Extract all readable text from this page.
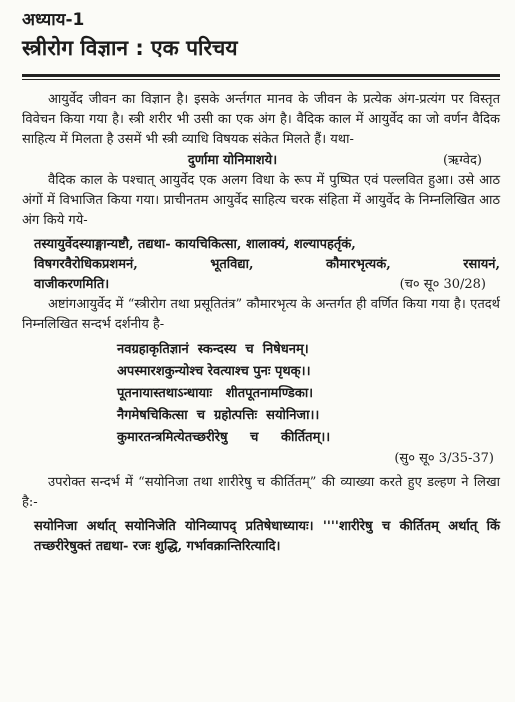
अध्याय-1
स्त्रीरोग विज्ञान : एक परिचय

आयुर्वेद जीवन का विज्ञान है। इसके अर्न्तगत मानव के जीवन के प्रत्येक अंग-प्रत्यंग पर विस्तृत विवेचन किया गया है। स्त्री शरीर भी उसी का एक अंग है। वैदिक काल में आयुर्वेद का जो वर्णन वैदिक साहित्य में मिलता है उसमें भी स्त्री व्याधि विषयक संकेत मिलते हैं। यथा-

दुर्णामा योनिमाशये।	(ऋग्वेद)

वैदिक काल के पश्चात् आयुर्वेद एक अलग विधा के रूप में पुष्पित एवं पल्लवित हुआ। उसे आठ अंगों में विभाजित किया गया। प्राचीनतम आयुर्वेद साहित्य चरक संहिता में आयुर्वेद के निम्नलिखित आठ अंग किये गये-

तस्यायुर्वेदस्याङ्गान्यष्टौ, तद्यथा- कायचिकित्सा, शालाक्यं, शल्यापहर्तृकं,
विषगरवैरोधिकप्रशमनं,	भूतविद्या,	कौमारभृत्यकं,	रसायनं,
वाजीकरणमिति।	(च० सू० 30/28)

अष्टांगआयुर्वेद में “स्त्रीरोग तथा प्रसूतितंत्र” कौमारभृत्य के अन्तर्गत ही वर्णित किया गया है। एतदर्थ निम्नलिखित सन्दर्भ दर्शनीय है-

नवग्रहाकृतिज्ञानं  स्कन्दस्य  च  निषेधनम्।
अपस्मारशकुन्योश्च रेवत्याश्च पुनः पृथक्।।
पूतनायास्तथाऽन्धायाः   शीतपूतनामण्डिका।
नैगमेषचिकित्सा  च  ग्रहोत्पत्तिः  सयोनिजा।।
कुमारतन्त्रमित्येतच्छरीरेषु     च     कीर्तितम्।।
(सु० सू० 3/35-37)

उपरोक्त सन्दर्भ में “सयोनिजा तथा शारीरेषु च कीर्तितम्” की व्याख्या करते हुए डल्हण ने लिखा है:-

सयोनिजा अर्थात् सयोनिजेति योनिव्यापद् प्रतिषेधाध्यायः। ''''शारीरेषु च कीर्तितम् अर्थात् किं तच्छरीरेषुक्तं तद्यथा- रजः शुद्धि, गर्भावक्रान्तिरित्यादि।
